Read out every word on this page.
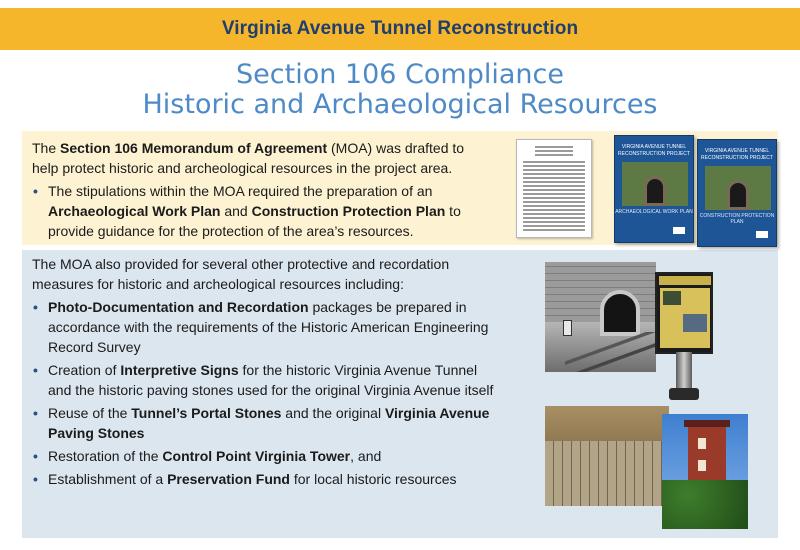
Virginia Avenue Tunnel Reconstruction
Section 106 Compliance
Historic and Archaeological Resources

The Section 106 Memorandum of Agreement (MOA) was drafted to help protect historic and archeological resources in the project area.

• The stipulations within the MOA required the preparation of an Archaeological Work Plan and Construction Protection Plan to provide guidance for the protection of the area’s resources.

The MOA also provided for several other protective and recordation measures for historic and archeological resources including:

• Photo-Documentation and Recordation packages be prepared in accordance with the requirements of the Historic American Engineering Record Survey
• Creation of Interpretive Signs for the historic Virginia Avenue Tunnel and the historic paving stones used for the original Virginia Avenue itself
• Reuse of the Tunnel’s Portal Stones and the original Virginia Avenue Paving Stones
• Restoration of the Control Point Virginia Tower, and
• Establishment of a Preservation Fund for local historic resources
VIRGINIA AVENUE TUNNEL RECONSTRUCTION PROJECT
ARCHAEOLOGICAL WORK PLAN
VIRGINIA AVENUE TUNNEL RECONSTRUCTION PROJECT
CONSTRUCTION PROTECTION PLAN
